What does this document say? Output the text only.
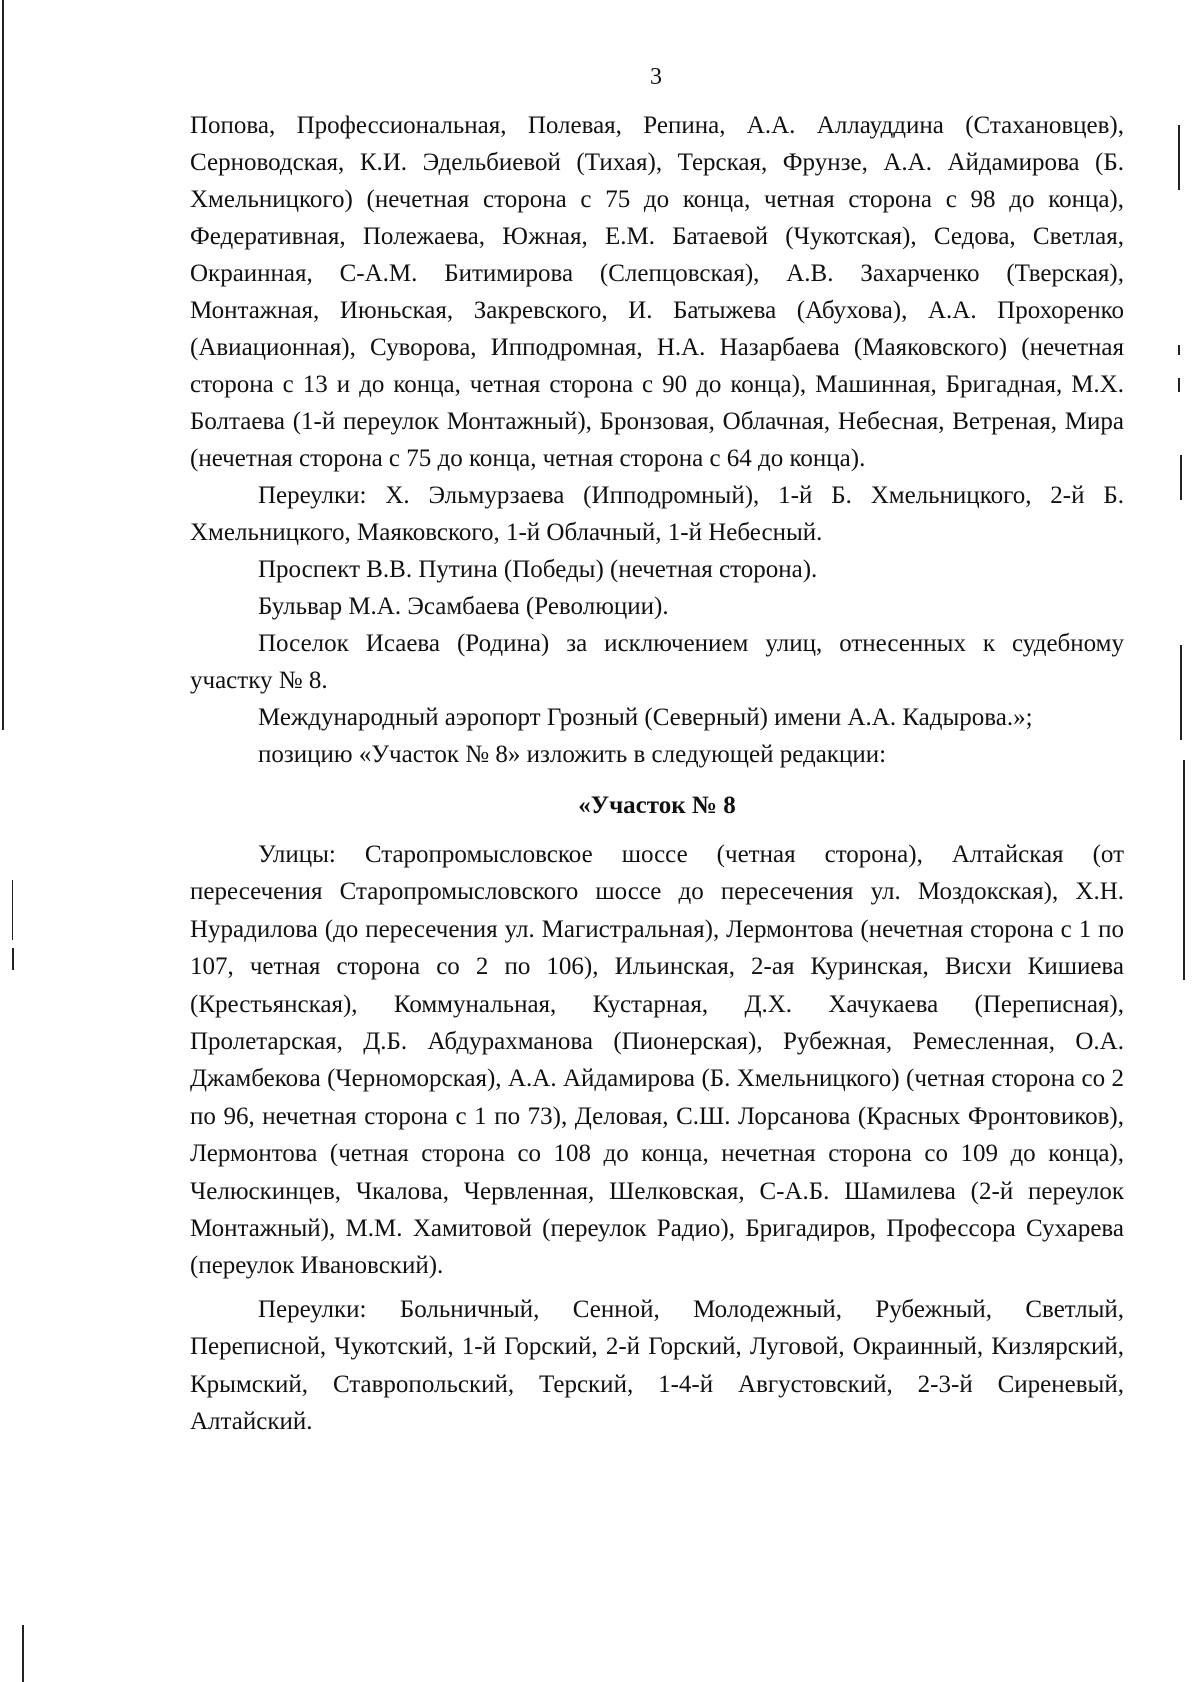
3

Попова, Профессиональная, Полевая, Репина, А.А. Аллауддина (Стахановцев), Серноводская, К.И. Эдельбиевой (Тихая), Терская, Фрунзе, А.А. Айдамирова (Б. Хмельницкого) (нечетная сторона с 75 до конца, четная сторона с 98 до конца), Федеративная, Полежаева, Южная, Е.М. Батаевой (Чукотская), Седова, Светлая, Окраинная, С-А.М. Битимирова (Слепцовская), А.В. Захарченко (Тверская), Монтажная, Июньская, Закревского, И. Батыжева (Абухова), А.А. Прохоренко (Авиационная), Суворова, Ипподромная, Н.А. Назарбаева (Маяковского) (нечетная сторона с 13 и до конца, четная сторона с 90 до конца), Машинная, Бригадная, М.Х. Болтаева (1-й переулок Монтажный), Бронзовая, Облачная, Небесная, Ветреная, Мира (нечетная сторона с 75 до конца, четная сторона с 64 до конца).

Переулки: Х. Эльмурзаева (Ипподромный), 1-й Б. Хмельницкого, 2-й Б. Хмельницкого, Маяковского, 1-й Облачный, 1-й Небесный.

Проспект В.В. Путина (Победы) (нечетная сторона).

Бульвар М.А. Эсамбаева (Революции).

Поселок Исаева (Родина) за исключением улиц, отнесенных к судебному участку № 8.

Международный аэропорт Грозный (Северный) имени А.А. Кадырова.»;

позицию «Участок № 8» изложить в следующей редакции:

«Участок № 8

Улицы: Старопромысловское шоссе (четная сторона), Алтайская (от пересечения Старопромысловского шоссе до пересечения ул. Моздокская), Х.Н. Нурадилова (до пересечения ул. Магистральная), Лермонтова (нечетная сторона с 1 по 107, четная сторона со 2 по 106), Ильинская, 2-ая Куринская, Висхи Кишиева (Крестьянская), Коммунальная, Кустарная, Д.Х. Хачукаева (Переписная), Пролетарская, Д.Б. Абдурахманова (Пионерская), Рубежная, Ремесленная, О.А. Джамбекова (Черноморская), А.А. Айдамирова (Б. Хмельницкого) (четная сторона со 2 по 96, нечетная сторона с 1 по 73), Деловая, С.Ш. Лорсанова (Красных Фронтовиков), Лермонтова (четная сторона со 108 до конца, нечетная сторона со 109 до конца), Челюскинцев, Чкалова, Червленная, Шелковская, С-А.Б. Шамилева (2-й переулок Монтажный), М.М. Хамитовой (переулок Радио), Бригадиров, Профессора Сухарева (переулок Ивановский).

Переулки: Больничный, Сенной, Молодежный, Рубежный, Светлый, Переписной, Чукотский, 1-й Горский, 2-й Горский, Луговой, Окраинный, Кизлярский, Крымский, Ставропольский, Терский, 1-4-й Августовский, 2-3-й Сиреневый, Алтайский.
